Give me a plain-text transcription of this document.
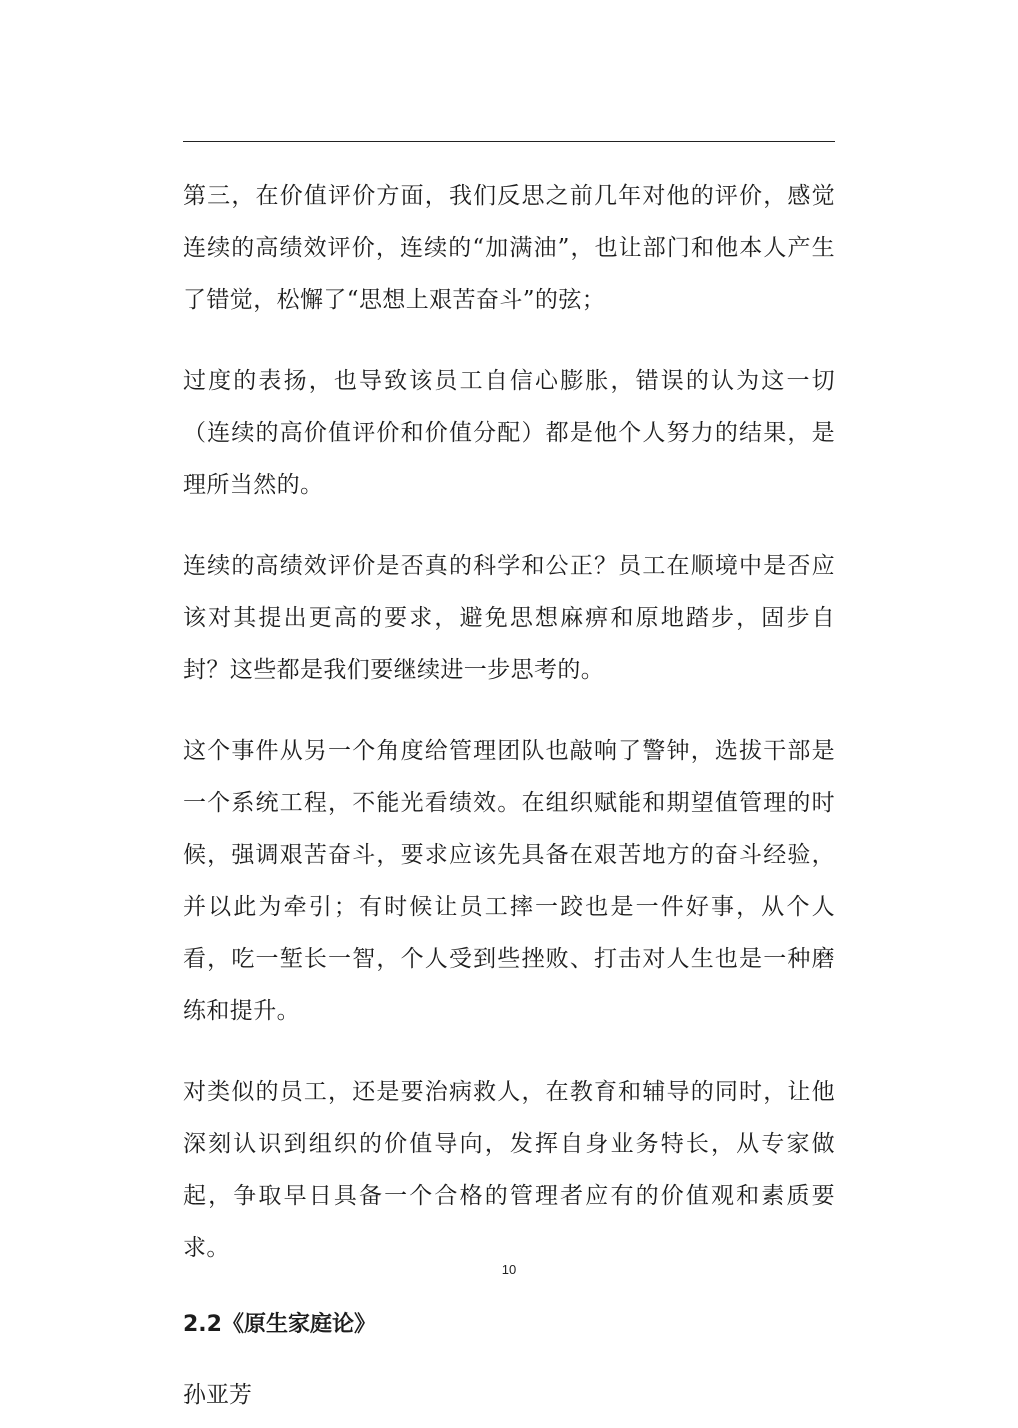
第三，在价值评价方面，我们反思之前几年对他的评价，感觉连续的高绩效评价，连续的“加满油”，也让部门和他本人产生了错觉，松懈了“思想上艰苦奋斗”的弦；

过度的表扬，也导致该员工自信心膨胀，错误的认为这一切（连续的高价值评价和价值分配）都是他个人努力的结果，是理所当然的。

连续的高绩效评价是否真的科学和公正？员工在顺境中是否应该对其提出更高的要求，避免思想麻痹和原地踏步，固步自封？这些都是我们要继续进一步思考的。

这个事件从另一个角度给管理团队也敲响了警钟，选拔干部是一个系统工程，不能光看绩效。在组织赋能和期望值管理的时候，强调艰苦奋斗，要求应该先具备在艰苦地方的奋斗经验，并以此为牵引；有时候让员工摔一跤也是一件好事，从个人看，吃一堑长一智，个人受到些挫败、打击对人生也是一种磨练和提升。

对类似的员工，还是要治病救人，在教育和辅导的同时，让他深刻认识到组织的价值导向，发挥自身业务特长，从专家做起，争取早日具备一个合格的管理者应有的价值观和素质要求。

2.2《原生家庭论》

孙亚芳

10
